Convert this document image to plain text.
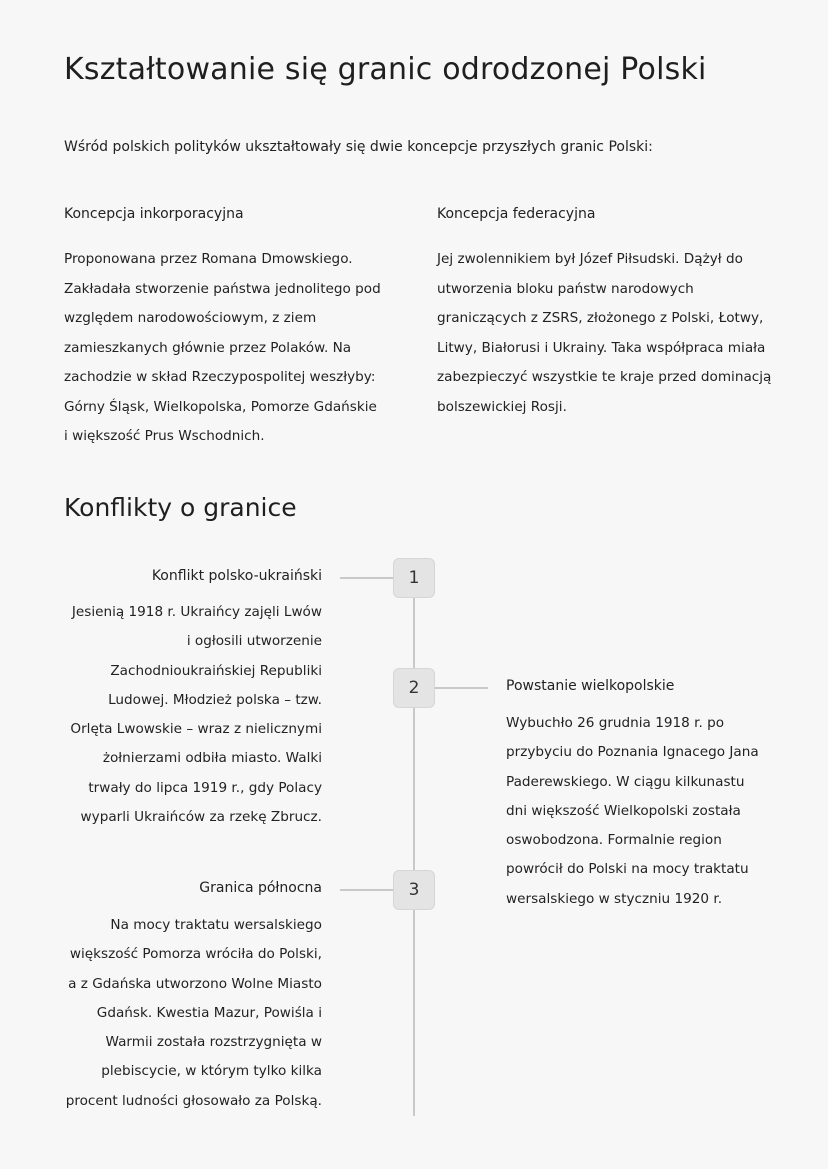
Kształtowanie się granic odrodzonej Polski

Wśród polskich polityków ukształtowały się dwie koncepcje przyszłych granic Polski:

Koncepcja inkorporacyjna

Proponowana przez Romana Dmowskiego. Zakładała stworzenie państwa jednolitego pod względem narodowościowym, z ziem zamieszkanych głównie przez Polaków. Na zachodzie w skład Rzeczypospolitej weszłyby: Górny Śląsk, Wielkopolska, Pomorze Gdańskie i większość Prus Wschodnich.

Koncepcja federacyjna

Jej zwolennikiem był Józef Piłsudski. Dążył do utworzenia bloku państw narodowych graniczących z ZSRS, złożonego z Polski, Łotwy, Litwy, Białorusi i Ukrainy. Taka współpraca miała zabezpieczyć wszystkie te kraje przed dominacją bolszewickiej Rosji.

Konflikty o granice
1
Konflikt polsko-ukraiński

Jesienią 1918 r. Ukraińcy zajęli Lwów i ogłosili utworzenie Zachodnioukraińskiej Republiki Ludowej. Młodzież polska – tzw. Orlęta Lwowskie – wraz z nielicznymi żołnierzami odbiła miasto. Walki trwały do lipca 1919 r., gdy Polacy wyparli Ukraińców za rzekę Zbrucz.

2	Powstanie wielkopolskie

Wybuchło 26 grudnia 1918 r. po przybyciu do Poznania Ignacego Jana Paderewskiego. W ciągu kilkunastu dni większość Wielkopolski została oswobodzona. Formalnie region powrócił do Polski na mocy traktatu wersalskiego w styczniu 1920 r.

3
Granica północna

Na mocy traktatu wersalskiego większość Pomorza wróciła do Polski, a z Gdańska utworzono Wolne Miasto Gdańsk. Kwestia Mazur, Powiśla i Warmii została rozstrzygnięta w plebiscycie, w którym tylko kilka procent ludności głosowało za Polską.
